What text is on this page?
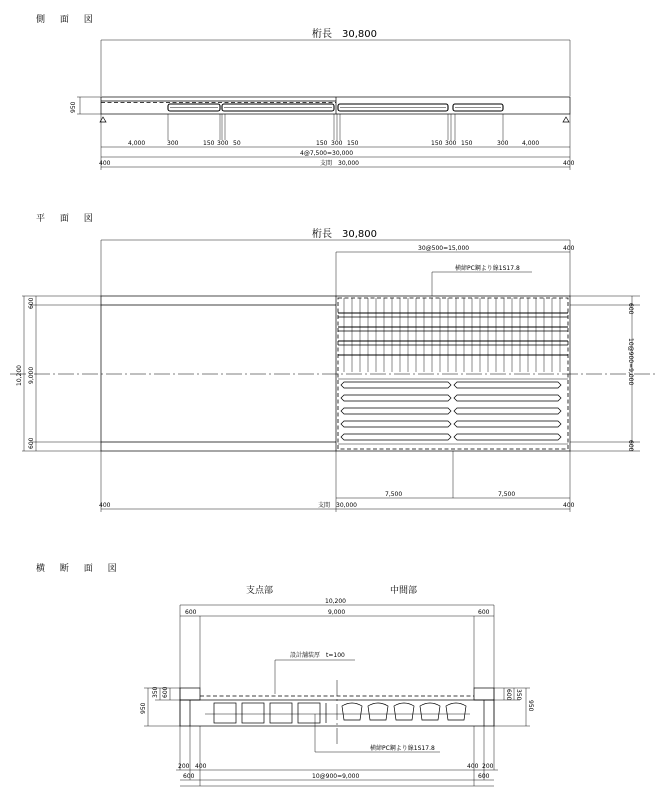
側 面 図
桁長　30,800
950
4,000	300	150 300 50	150 300 150	150 300 150	300 4,000
4@7,500=30,000
400	400
支間　30,000
平 面 図
桁長　30,800
30@500=15,000	400
横締PC鋼より線1S17.8
10,200 9,000
600
600
600
10@900=9,000
600
7,500	7,500
400	400
支間　30,000
横 断 面 図
支点部	中間部
10,200
600	9,000	600
設計舗装厚　t=100
950
350 600	600
950
350
横締PC鋼より線1S17.8
200 400	400 200
600	600
10@900=9,000
